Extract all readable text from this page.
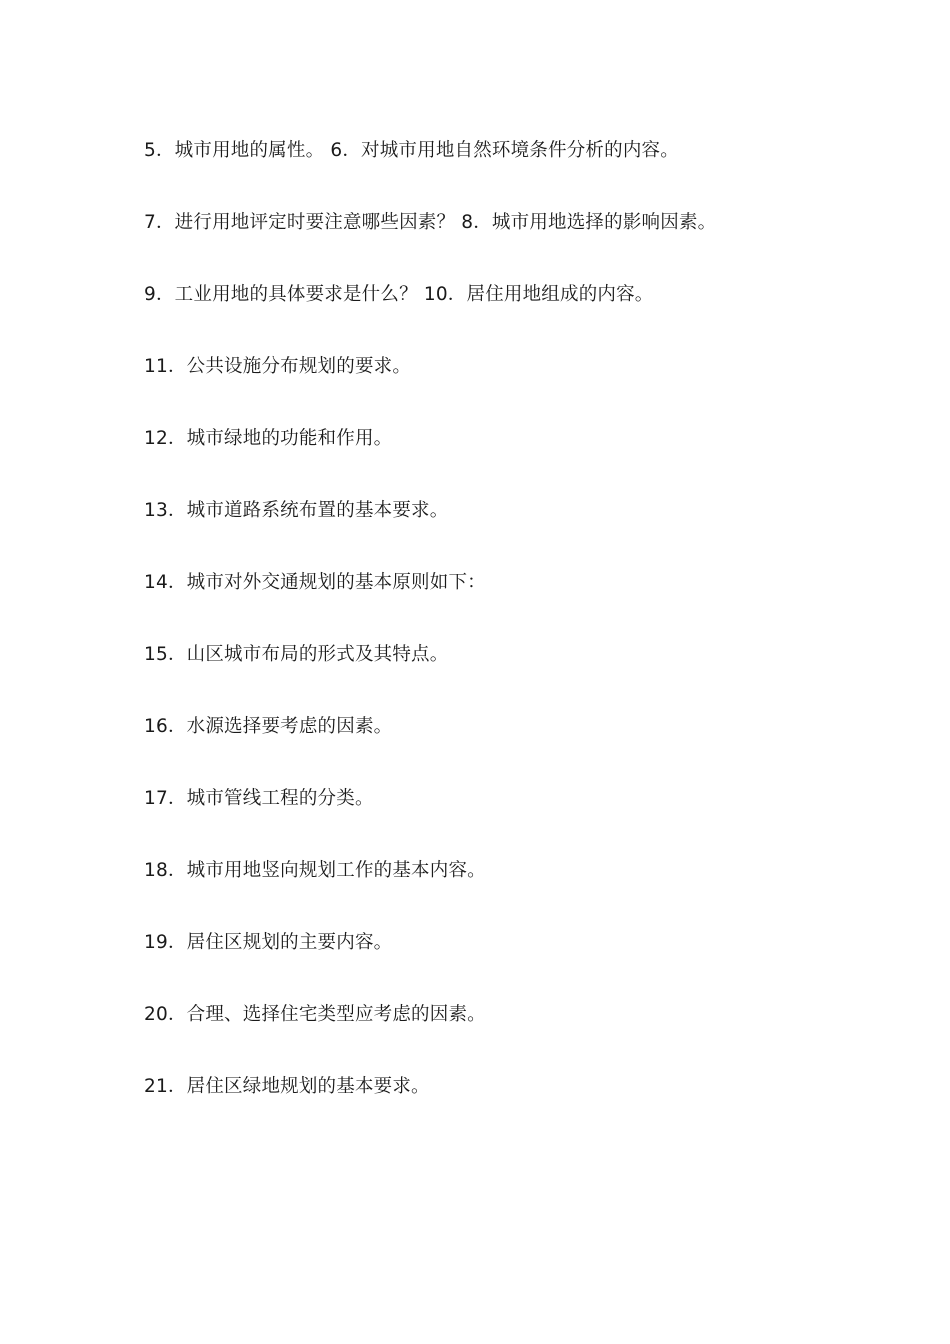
5．城市用地的属性。 6．对城市用地自然环境条件分析的内容。
7．进行用地评定时要注意哪些因素？ 8．城市用地选择的影响因素。
9．工业用地的具体要求是什么？ 10．居住用地组成的内容。
11．公共设施分布规划的要求。
12．城市绿地的功能和作用。
13．城市道路系统布置的基本要求。
14．城市对外交通规划的基本原则如下：
15．山区城市布局的形式及其特点。
16．水源选择要考虑的因素。
17．城市管线工程的分类。
18．城市用地竖向规划工作的基本内容。
19．居住区规划的主要内容。
20．合理、选择住宅类型应考虑的因素。
21．居住区绿地规划的基本要求。
